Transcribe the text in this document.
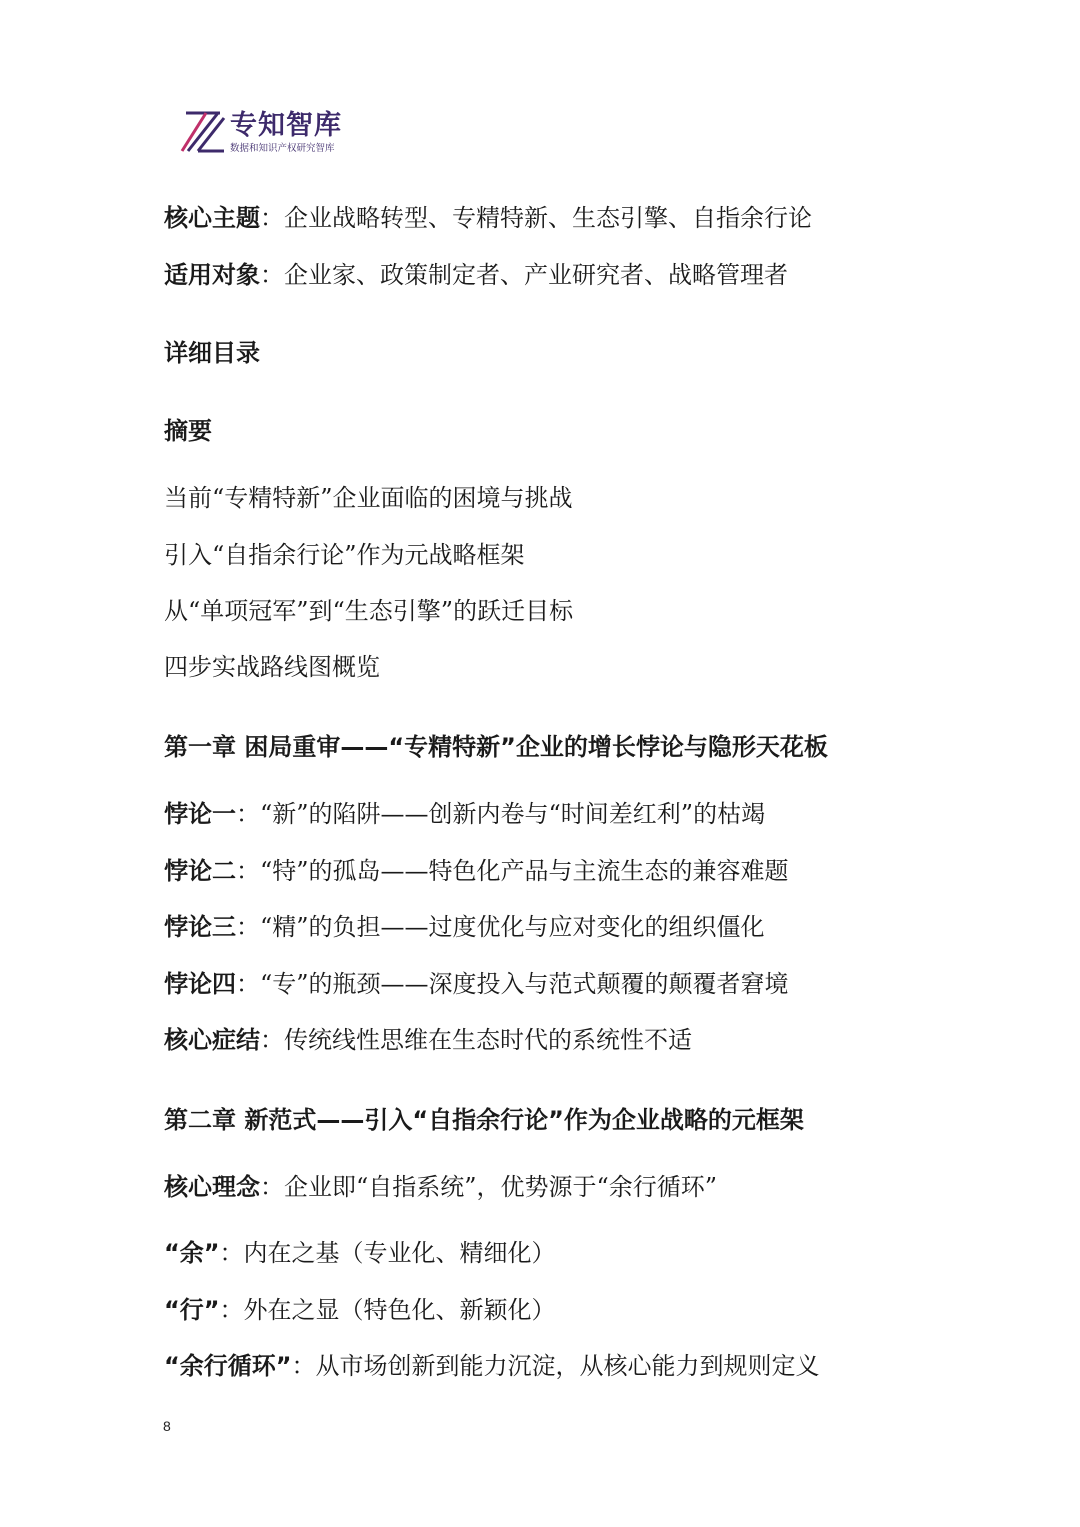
专知智库
数据和知识产权研究智库
核心主题：企业战略转型、专精特新、生态引擎、自指余行论
适用对象：企业家、政策制定者、产业研究者、战略管理者
详细目录
摘要
当前“专精特新”企业面临的困境与挑战
引入“自指余行论”作为元战略框架
从“单项冠军”到“生态引擎”的跃迁目标
四步实战路线图概览
第一章 困局重审——“专精特新”企业的增长悖论与隐形天花板
悖论一：“新”的陷阱——创新内卷与“时间差红利”的枯竭
悖论二：“特”的孤岛——特色化产品与主流生态的兼容难题
悖论三：“精”的负担——过度优化与应对变化的组织僵化
悖论四：“专”的瓶颈——深度投入与范式颠覆的颠覆者窘境
核心症结：传统线性思维在生态时代的系统性不适
第二章 新范式——引入“自指余行论”作为企业战略的元框架
核心理念：企业即“自指系统”，优势源于“余行循环”
“余”：内在之基（专业化、精细化）
“行”：外在之显（特色化、新颖化）
“余行循环”：从市场创新到能力沉淀，从核心能力到规则定义
8
